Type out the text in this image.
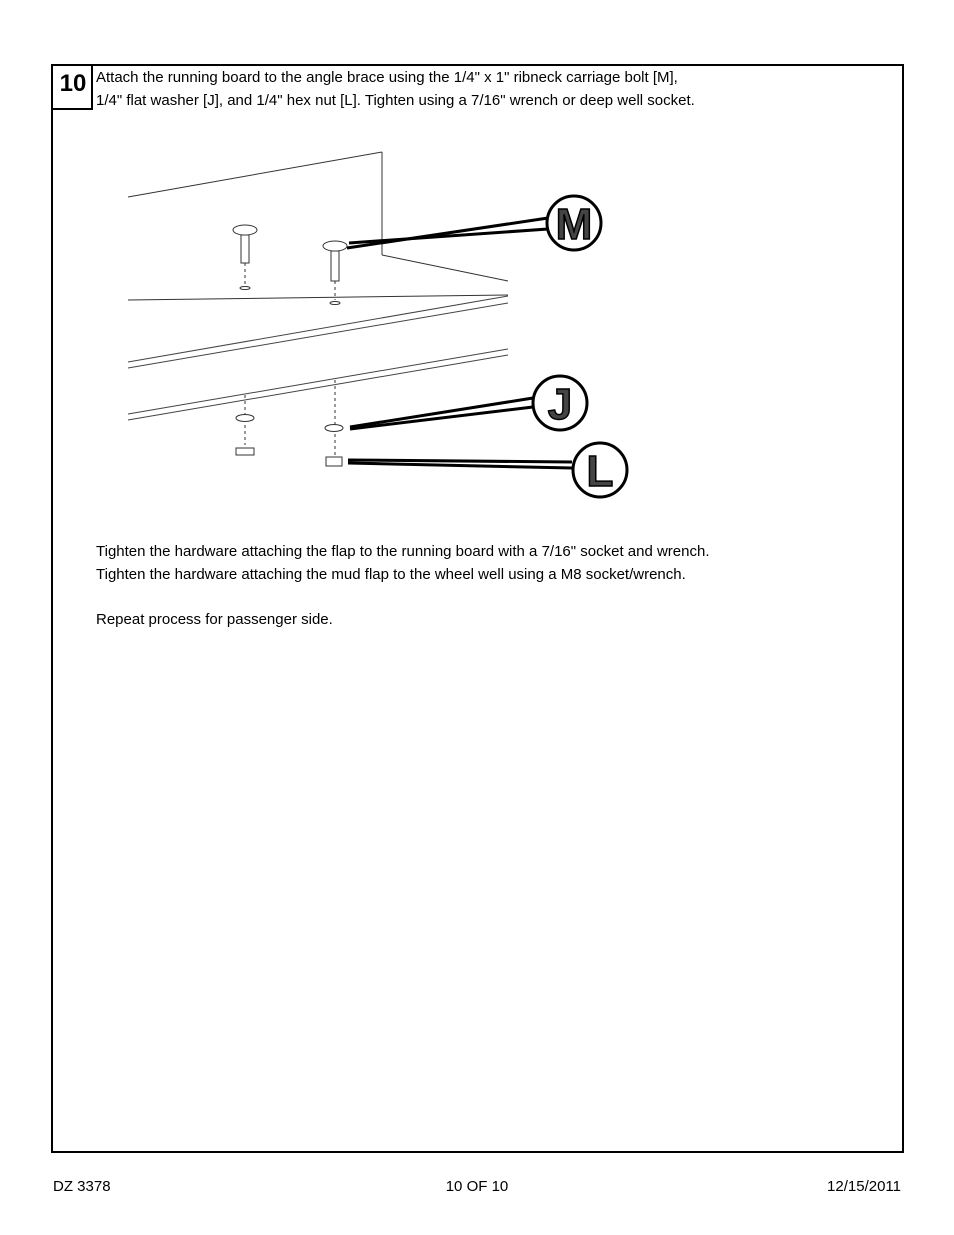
10 Attach the running board to the angle brace using the 1/4" x 1" ribneck carriage bolt [M],
1/4" flat washer [J], and 1/4" hex nut [L]. Tighten using a 7/16" wrench or deep well socket.
M
J
L

Tighten the hardware attaching the flap to the running board with a 7/16" socket and wrench.

Tighten the hardware attaching the mud flap to the wheel well using a M8 socket/wrench.

Repeat process for passenger side.

DZ 3378	10 OF 10	12/15/2011
